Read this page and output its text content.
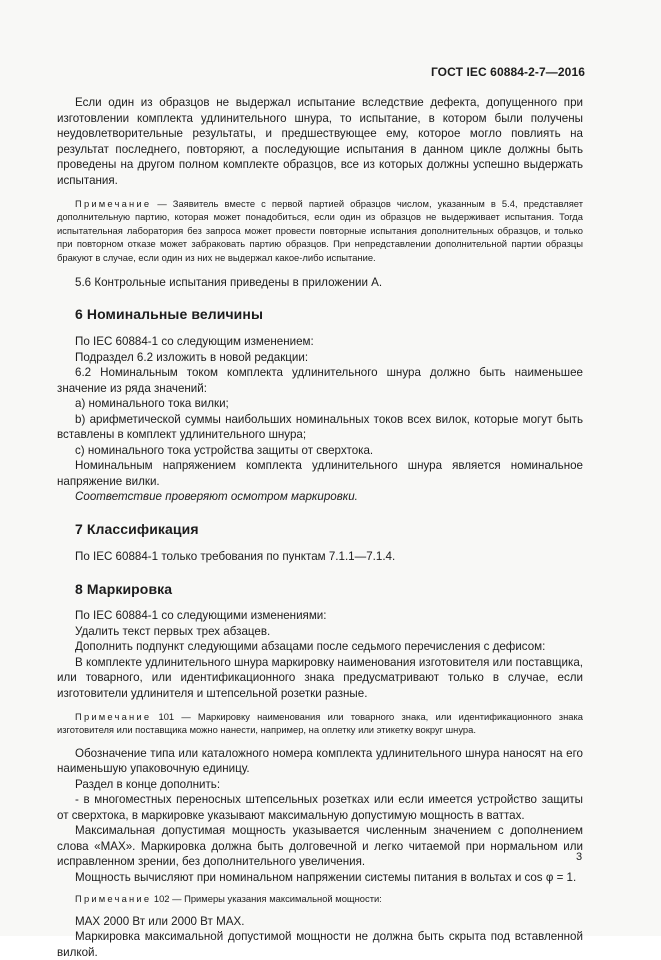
ГОСТ IEC 60884-2-7—2016

Если один из образцов не выдержал испытание вследствие дефекта, допущенного при изготовлении комплекта удлинительного шнура, то испытание, в котором были получены неудовлетворительные результаты, и предшествующее ему, которое могло повлиять на результат последнего, повторяют, а последующие испытания в данном цикле должны быть проведены на другом полном комплекте образцов, все из которых должны успешно выдержать испытания.

Примечание — Заявитель вместе с первой партией образцов числом, указанным в 5.4, представляет дополнительную партию, которая может понадобиться, если один из образцов не выдерживает испытания. Тогда испытательная лаборатория без запроса может провести повторные испытания дополнительных образцов, и только при повторном отказе может забраковать партию образцов. При непредставлении дополнительной партии образцы бракуют в случае, если один из них не выдержал какое-либо испытание.

5.6 Контрольные испытания приведены в приложении А.

6 Номинальные величины

По IEC 60884-1 со следующим изменением:

Подраздел 6.2 изложить в новой редакции:

6.2 Номинальным током комплекта удлинительного шнура должно быть наименьшее значение из ряда значений:

а) номинального тока вилки;

b) арифметической суммы наибольших номинальных токов всех вилок, которые могут быть вставлены в комплект удлинительного шнура;

с) номинального тока устройства защиты от сверхтока.

Номинальным напряжением комплекта удлинительного шнура является номинальное напряжение вилки.

Соответствие проверяют осмотром маркировки.

7 Классификация

По IEC 60884-1 только требования по пунктам 7.1.1—7.1.4.

8 Маркировка

По IEC 60884-1 со следующими изменениями:

Удалить текст первых трех абзацев.

Дополнить подпункт следующими абзацами после седьмого перечисления с дефисом:

В комплекте удлинительного шнура маркировку наименования изготовителя или поставщика, или товарного, или идентификационного знака предусматривают только в случае, если изготовители удлинителя и штепсельной розетки разные.

Примечание 101 — Маркировку наименования или товарного знака, или идентификационного знака изготовителя или поставщика можно нанести, например, на оплетку или этикетку вокруг шнура.

Обозначение типа или каталожного номера комплекта удлинительного шнура наносят на его наименьшую упаковочную единицу.

Раздел в конце дополнить:

- в многоместных переносных штепсельных розетках или если имеется устройство защиты от сверхтока, в маркировке указывают максимальную допустимую мощность в ваттах.

Максимальная допустимая мощность указывается численным значением с дополнением слова «МАХ». Маркировка должна быть долговечной и легко читаемой при нормальном или исправленном зрении, без дополнительного увеличения.

Мощность вычисляют при номинальном напряжении системы питания в вольтах и cos φ = 1.

Примечание 102 — Примеры указания максимальной мощности:

МАХ 2000 Вт или 2000 Вт МАХ.

Маркировка максимальной допустимой мощности не должна быть скрыта под вставленной вилкой.

3
